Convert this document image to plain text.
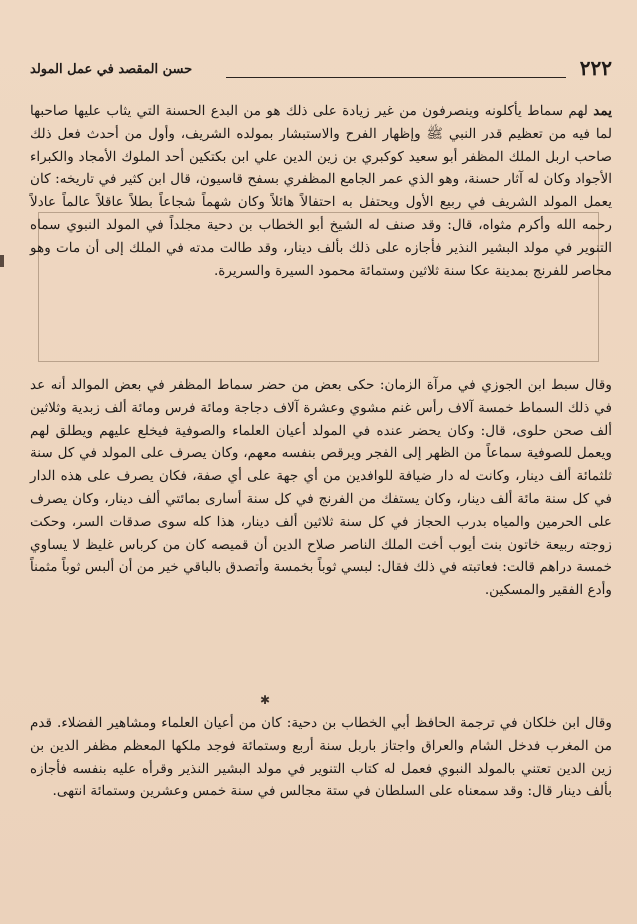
٢٢٢
حسن المقصد في عمل المولد
يمد لهم سماط يأكلونه وينصرفون من غير زيادة على ذلك هو من البدع الحسنة التي يثاب عليها صاحبها لما فيه من تعظيم قدر النبي ﷺ وإظهار الفرح والاستبشار بمولده الشريف، وأول من أحدث فعل ذلك صاحب اربل الملك المظفر أبو سعيد كوكبري بن زين الدين علي ابن بكتكين أحد الملوك الأمجاد والكبراء الأجواد وكان له آثار حسنة، وهو الذي عمر الجامع المظفري بسفح قاسيون، قال ابن كثير في تاريخه: كان يعمل المولد الشريف في ربيع الأول ويحتفل به احتفالاً هائلاً وكان شهماً شجاعاً بطلاً عاقلاً عالماً عادلاً رحمه الله وأكرم مثواه، قال: وقد صنف له الشيخ أبو الخطاب بن دحية مجلداً في المولد النبوي سماه التنوير في مولد البشير النذير فأجازه على ذلك بألف دينار، وقد طالت مدته في الملك إلى أن مات وهو محاصر للفرنج بمدينة عكا سنة ثلاثين وستمائة محمود السيرة والسريرة.
وقال سبط ابن الجوزي في مرآة الزمان: حكى بعض من حضر سماط المظفر في بعض الموالد أنه عد في ذلك السماط خمسة آلاف رأس غنم مشوي وعشرة آلاف دجاجة ومائة فرس ومائة ألف زبدية وثلاثين ألف صحن حلوى، قال: وكان يحضر عنده في المولد أعيان العلماء والصوفية فيخلع عليهم ويطلق لهم ويعمل للصوفية سماعاً من الظهر إلى الفجر ويرقص بنفسه معهم، وكان يصرف على المولد في كل سنة ثلثمائة ألف دينار، وكانت له دار ضيافة للوافدين من أي جهة على أي صفة، فكان يصرف على هذه الدار في كل سنة مائة ألف دينار، وكان يستفك من الفرنج في كل سنة أسارى بمائتي ألف دينار، وكان يصرف على الحرمين والمياه بدرب الحجاز في كل سنة ثلاثين ألف دينار، هذا كله سوى صدقات السر، وحكت زوجته ربيعة خاتون بنت أيوب أخت الملك الناصر صلاح الدين أن قميصه كان من كرباس غليظ لا يساوي خمسة دراهم قالت: فعاتبته في ذلك فقال: لبسي ثوباً بخمسة وأتصدق بالباقي خير من أن ألبس ثوباً مثمناً وأدع الفقير والمسكين.
✱
وقال ابن خلكان في ترجمة الحافظ أبي الخطاب بن دحية: كان من أعيان العلماء ومشاهير الفضلاء. قدم من المغرب فدخل الشام والعراق واجتاز باربل سنة أربع وستمائة فوجد ملكها المعظم مظفر الدين بن زين الدين تعتني بالمولد النبوي فعمل له كتاب التنوير في مولد البشير النذير وقرأه عليه بنفسه فأجازه بألف دينار قال: وقد سمعناه على السلطان في ستة مجالس في سنة خمس وعشرين وستمائة انتهى.
